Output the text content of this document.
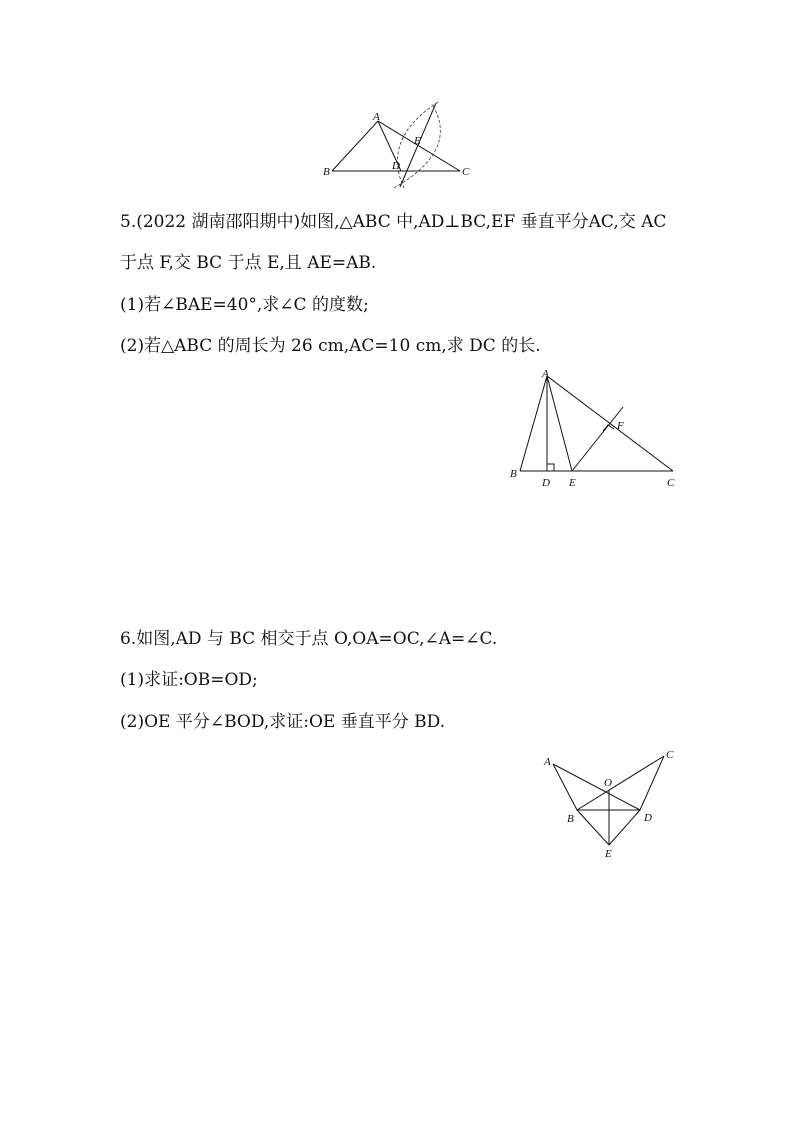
A
B	C
D
E
5.(2022 湖南邵阳期中)如图,△ABC 中,AD⊥BC,EF 垂直平分AC,交 AC
于点 F,交 BC 于点 E,且 AE=AB.
(1)若∠BAE=40°,求∠C 的度数;
(2)若△ABC 的周长为 26 cm,AC=10 cm,求 DC 的长.
A
B
C
D E
F
6.如图,AD 与 BC 相交于点 O,OA=OC,∠A=∠C.
(1)求证:OB=OD;
(2)OE 平分∠BOD,求证:OE 垂直平分 BD.
A
B
C
D
E
O
